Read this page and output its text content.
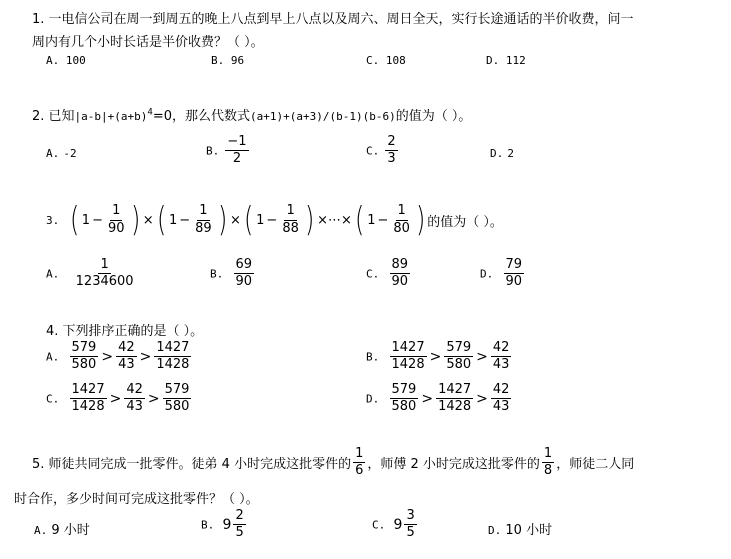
1. 一电信公司在周一到周五的晚上八点到早上八点以及周六、周日全天，实行长途通话的半价收费，问一
周内有几个小时长话是半价收费？（ ）。
A. 100	B. 96	C. 108	D. 112
2. 已知$|a-b|+(a+b)^4=0$，那么代数式(a+1)+(a+3)/(b-1)(b-6)的值为（ ）。
A. -2	B. $\frac{-1}{2}$	C. $\frac{2}{3}$	D. 2
3.
( $1 - \frac{1}{90}$ ) × ( $1 - \frac{1}{89}$ ) × ( $1 - \frac{1}{88}$ ) ×⋯× ( $1 - \frac{1}{80}$ ) 的值为（ ）。
A. $\frac{1}{1234600}$	B. $\frac{69}{90}$	C. $\frac{89}{90}$	D. $\frac{79}{90}$
4. 下列排序正确的是（ ）。
A. $\frac{579}{580} > \frac{42}{43} > \frac{1427}{1428}$	B. $\frac{1427}{1428} > \frac{579}{580} > \frac{42}{43}$
C. $\frac{1427}{1428} > \frac{42}{43} > \frac{579}{580}$	D. $\frac{579}{580} > \frac{1427}{1428} > \frac{42}{43}$
5. 师徒共同完成一批零件。徒弟 4 小时完成这批零件的 $\frac{1}{6}$ ，师傅 2 小时完成这批零件的 $\frac{1}{8}$ ，师徒二人同
时合作，多少时间可完成这批零件？（ ）。
A. 9 小时	B. $9 \frac{2}{5}$	C. $9 \frac{3}{5}$	D. 10 小时
